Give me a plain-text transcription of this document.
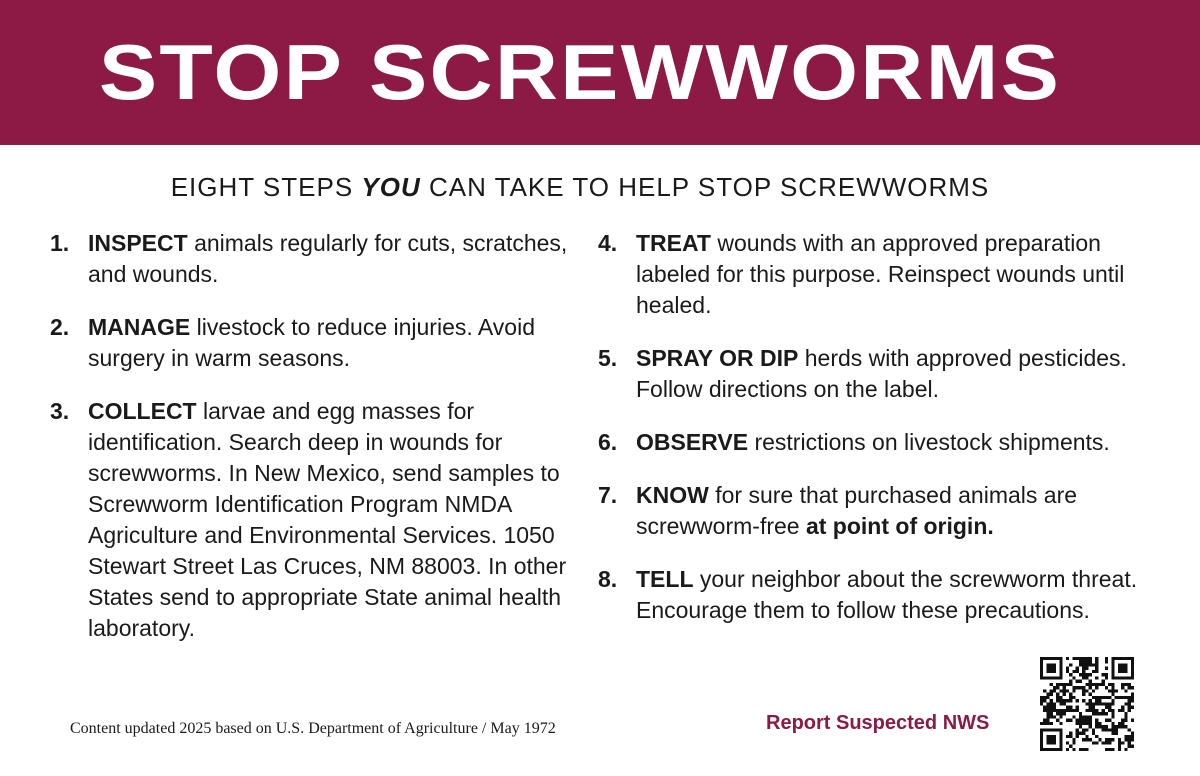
STOP SCREWWORMS
EIGHT STEPS YOU CAN TAKE TO HELP STOP SCREWWORMS
1. INSPECT animals regularly for cuts, scratches, and wounds.
2. MANAGE livestock to reduce injuries. Avoid surgery in warm seasons.
3. COLLECT larvae and egg masses for identification. Search deep in wounds for screwworms. In New Mexico, send samples to Screwworm Identification Program NMDA Agriculture and Environmental Services. 1050 Stewart Street Las Cruces, NM 88003. In other States send to appropriate State animal health laboratory.
4. TREAT wounds with an approved preparation labeled for this purpose. Reinspect wounds until healed.
5. SPRAY OR DIP herds with approved pesticides. Follow directions on the label.
6. OBSERVE restrictions on livestock shipments.
7. KNOW for sure that purchased animals are screwworm-free at point of origin.
8. TELL your neighbor about the screwworm threat. Encourage them to follow these precautions.
Content updated 2025 based on U.S. Department of Agriculture / May 1972	Report Suspected NWS
